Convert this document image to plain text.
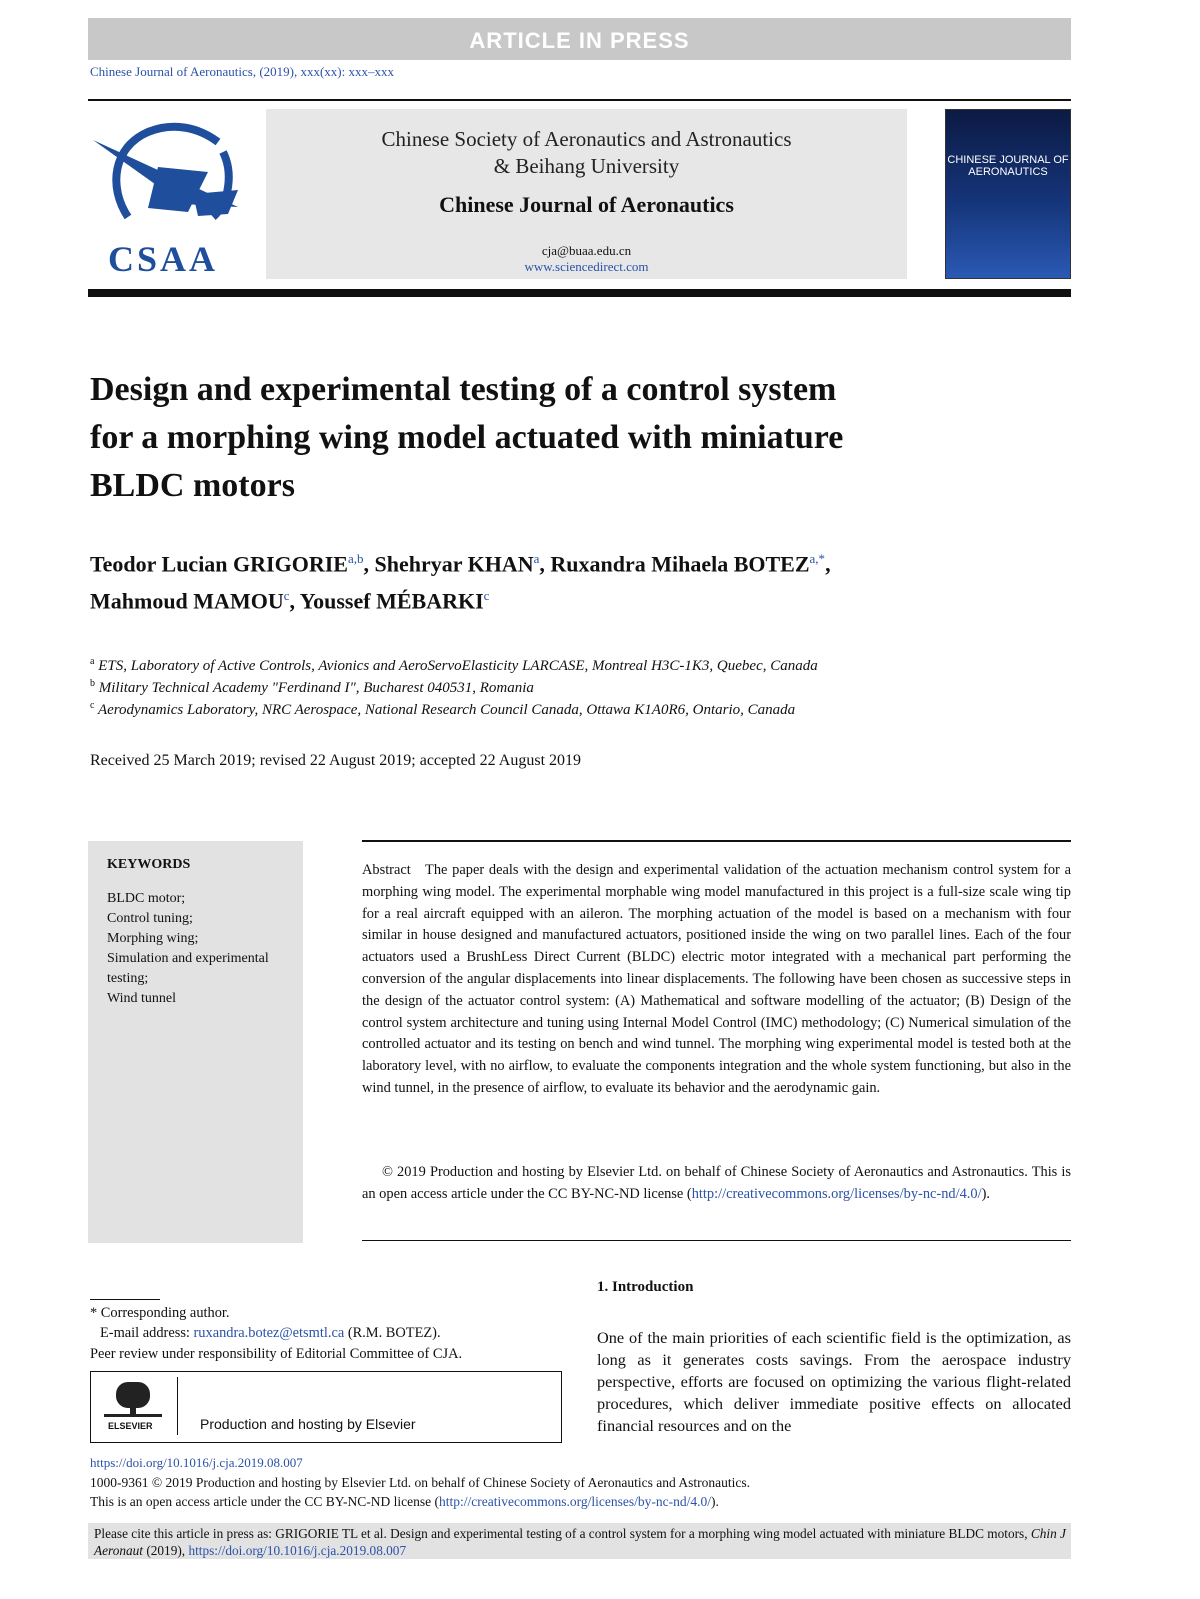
ARTICLE IN PRESS
Chinese Journal of Aeronautics, (2019), xxx(xx): xxx–xxx
CSAA
Chinese Society of Aeronautics and Astronautics
& Beihang University
Chinese Journal of Aeronautics
cja@buaa.edu.cn
www.sciencedirect.com
CHINESE JOURNAL OF AERONAUTICS
Design and experimental testing of a control system
for a morphing wing model actuated with miniature
BLDC motors
Teodor Lucian GRIGORIE$^{a,b}$, Shehryar KHAN$^a$, Ruxandra Mihaela $BOTEZ^{a,*}$,
Mahmoud MAMOU$^c$, Youssef MÉBARKI$^c$
$^a$ ETS, Laboratory of Active Controls, Avionics and AeroServoElasticity LARCASE, Montreal H3C-1K3, Quebec, Canada
$^b$ Military Technical Academy "Ferdinand I", Bucharest 040531, Romania
$^c$ Aerodynamics Laboratory, NRC Aerospace, National Research Council Canada, Ottawa K1A0R6, Ontario, Canada
Received 25 March 2019; revised 22 August 2019; accepted 22 August 2019
KEYWORDS
BLDC motor;
Control tuning;
Morphing wing;
Simulation and experimental testing;
Wind tunnel
Abstract The paper deals with the design and experimental validation of the actuation mechanism control system for a morphing wing model. The experimental morphable wing model manufactured in this project is a full-size scale wing tip for a real aircraft equipped with an aileron. The morphing actuation of the model is based on a mechanism with four similar in house designed and manufactured actuators, positioned inside the wing on two parallel lines. Each of the four actuators used a BrushLess Direct Current (BLDC) electric motor integrated with a mechanical part performing the conversion of the angular displacements into linear displacements. The following have been chosen as successive steps in the design of the actuator control system: (A) Mathematical and software modelling of the actuator; (B) Design of the control system architecture and tuning using Internal Model Control (IMC) methodology; (C) Numerical simulation of the controlled actuator and its testing on bench and wind tunnel. The morphing wing experimental model is tested both at the laboratory level, with no airflow, to evaluate the components integration and the whole system functioning, but also in the wind tunnel, in the presence of airflow, to evaluate its behavior and the aerodynamic gain.
© 2019 Production and hosting by Elsevier Ltd. on behalf of Chinese Society of Aeronautics and Astronautics. This is an open access article under the CC BY-NC-ND license (http://creativecommons.org/licenses/by-nc-nd/4.0/).
* Corresponding author.
E-mail address: ruxandra.botez@etsmtl.ca (R.M. BOTEZ).
Peer review under responsibility of Editorial Committee of CJA.
ELSEVIER	Production and hosting by Elsevier
1. Introduction
One of the main priorities of each scientific field is the optimization, as long as it generates costs savings. From the aerospace industry perspective, efforts are focused on optimizing the various flight-related procedures, which deliver immediate positive effects on allocated financial resources and on the
https://doi.org/10.1016/j.cja.2019.08.007
1000-9361 © 2019 Production and hosting by Elsevier Ltd. on behalf of Chinese Society of Aeronautics and Astronautics.
This is an open access article under the CC BY-NC-ND license (http://creativecommons.org/licenses/by-nc-nd/4.0/).
Please cite this article in press as: GRIGORIE TL et al. Design and experimental testing of a control system for a morphing wing model actuated with miniature BLDC motors, Chin J Aeronaut (2019), https://doi.org/10.1016/j.cja.2019.08.007
